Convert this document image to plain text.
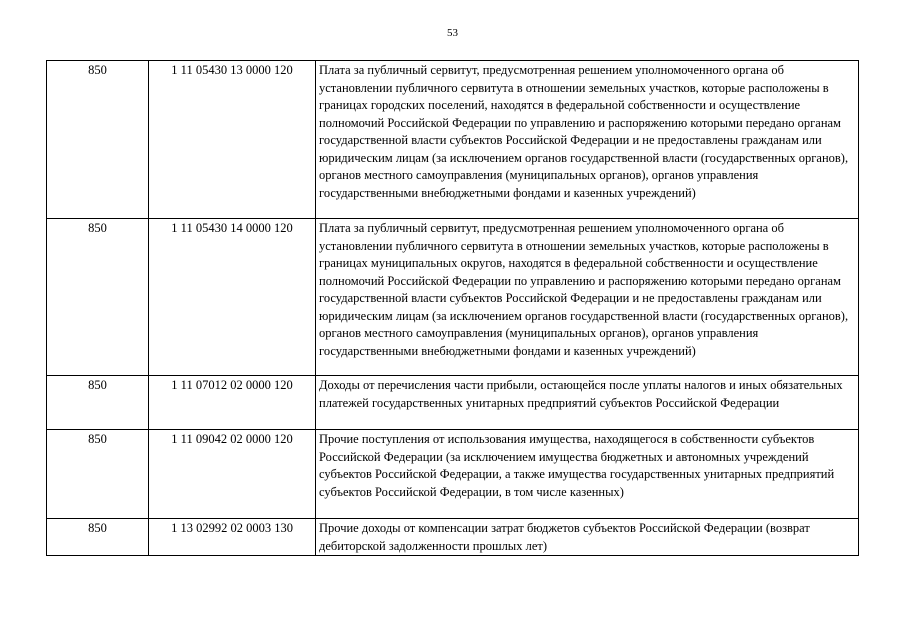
53
850	1 11 05430 13 0000 120	Плата за публичный сервитут, предусмотренная решением уполномоченного органа об установлении публичного сервитута в отношении земельных участков, которые расположены в границах городских поселений, находятся в федеральной собственности и осуществление полномочий Российской Федерации по управлению и распоряжению которыми передано органам государственной власти субъектов Российской Федерации и не предоставлены гражданам или юридическим лицам (за исключением органов государственной власти (государственных органов), органов местного самоуправления (муниципальных органов), органов управления государственными внебюджетными фондами и казенных учреждений)
850	1 11 05430 14 0000 120	Плата за публичный сервитут, предусмотренная решением уполномоченного органа об установлении публичного сервитута в отношении земельных участков, которые расположены в границах муниципальных округов, находятся в федеральной собственности и осуществление полномочий Российской Федерации по управлению и распоряжению которыми передано органам государственной власти субъектов Российской Федерации и не предоставлены гражданам или юридическим лицам (за исключением органов государственной власти (государственных органов), органов местного самоуправления (муниципальных органов), органов управления государственными внебюджетными фондами и казенных учреждений)
850	1 11 07012 02 0000 120	Доходы от перечисления части прибыли, остающейся после уплаты налогов и иных обязательных платежей государственных унитарных предприятий субъектов Российской Федерации
850	1 11 09042 02 0000 120	Прочие поступления от использования имущества, находящегося в собственности субъектов Российской Федерации (за исключением имущества бюджетных и автономных учреждений субъектов Российской Федерации, а также имущества государственных унитарных предприятий субъектов Российской Федерации, в том числе казенных)
850	1 13 02992 02 0003 130	Прочие доходы от компенсации затрат бюджетов субъектов Российской Федерации (возврат дебиторской задолженности прошлых лет)
